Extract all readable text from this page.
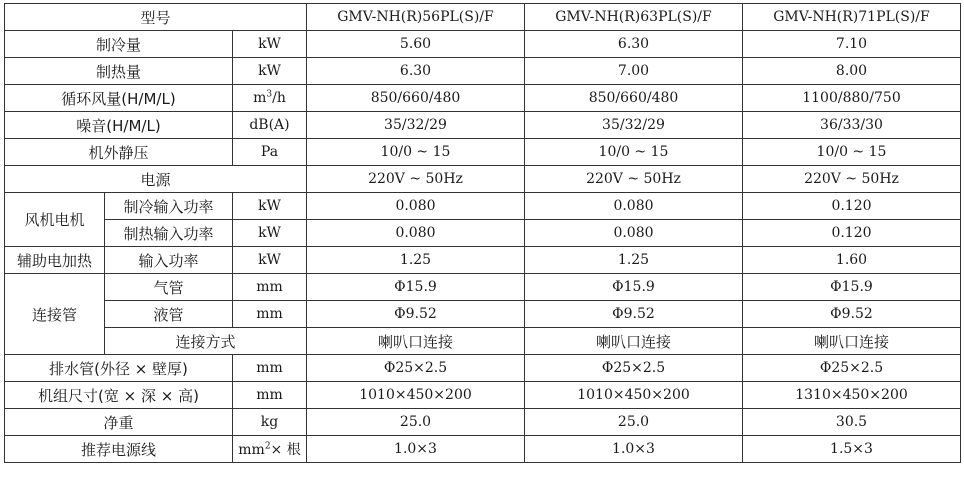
型号			GMV-NH(R)56PL(S)/F	GMV-NH(R)63PL(S)/F	GMV-NH(R)71PL(S)/F
制冷量		kW	5.60	6.30	7.10
制热量		kW	6.30	7.00	8.00
循环风量(H/M/L)		$m^3/h$	850/660/480	850/660/480	1100/880/750
噪音(H/M/L)		dB(A)	35/32/29	35/32/29	36/33/30
机外静压		Pa	10/0 ~ 15	10/0 ~ 15	10/0 ~ 15
电源			220V ~ 50Hz	220V ~ 50Hz	220V ~ 50Hz
风机电机	制冷输入功率	kW	0.080	0.080	0.120
	制热输入功率	kW	0.080	0.080	0.120
辅助电加热	输入功率	kW	1.25	1.25	1.60
连接管	气管	mm	Φ15.9	Φ15.9	Φ15.9
	液管	mm	Φ9.52	Φ9.52	Φ9.52
	连接方式		喇叭口连接	喇叭口连接	喇叭口连接
排水管(外径 × 壁厚)		mm	Φ25×2.5	Φ25×2.5	Φ25×2.5
机组尺寸(宽 × 深 × 高)		mm	1010×450×200	1010×450×200	1310×450×200
净重		kg	25.0	25.0	30.5
推荐电源线		$mm^2\times$ 根	1.0×3	1.0×3	1.5×3
